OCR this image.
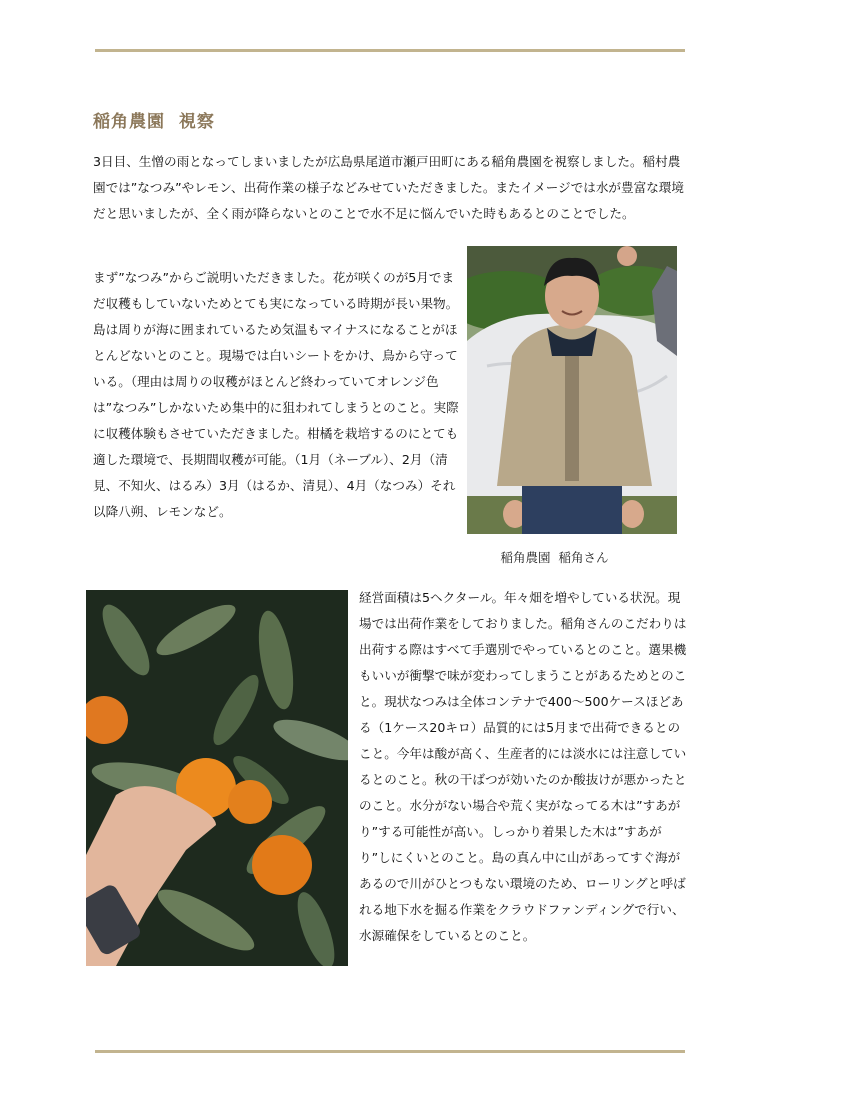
稲角農園  視察

3日目、生憎の雨となってしまいましたが広島県尾道市瀬戸田町にある稲角農園を視察しました。稲村農園では”なつみ”やレモン、出荷作業の様子などみせていただきました。またイメージでは水が豊富な環境だと思いましたが、全く雨が降らないとのことで水不足に悩んでいた時もあるとのことでした。

まず”なつみ”からご説明いただきました。花が咲くのが5月でまだ収穫もしていないためとても実になっている時期が長い果物。島は周りが海に囲まれているため気温もマイナスになることがほとんどないとのこと。現場では白いシートをかけ、鳥から守っている。（理由は周りの収穫がほとんど終わっていてオレンジ色は”なつみ”しかないため集中的に狙われてしまうとのこと。実際に収穫体験もさせていただきました。柑橘を栽培するのにとても適した環境で、長期間収穫が可能。（1月（ネーブル）、2月（清見、不知火、はるみ）3月（はるか、清見）、4月（なつみ）それ以降八朔、レモンなど。

稲角農園  稲角さん

経営面積は5ヘクタール。年々畑を増やしている状況。現場では出荷作業をしておりました。稲角さんのこだわりは出荷する際はすべて手選別でやっているとのこと。選果機もいいが衝撃で味が変わってしまうことがあるためとのこと。現状なつみは全体コンテナで400〜500ケースほどある（1ケース20キロ）品質的には5月まで出荷できるとのこと。今年は酸が高く、生産者的には淡水には注意しているとのこと。秋の干ばつが効いたのか酸抜けが悪かったとのこと。水分がない場合や荒く実がなってる木は”すあがり”する可能性が高い。しっかり着果した木は”すあがり”しにくいとのこと。島の真ん中に山があってすぐ海があるので川がひとつもない環境のため、ローリングと呼ばれる地下水を掘る作業をクラウドファンディングで行い、水源確保をしているとのこと。
